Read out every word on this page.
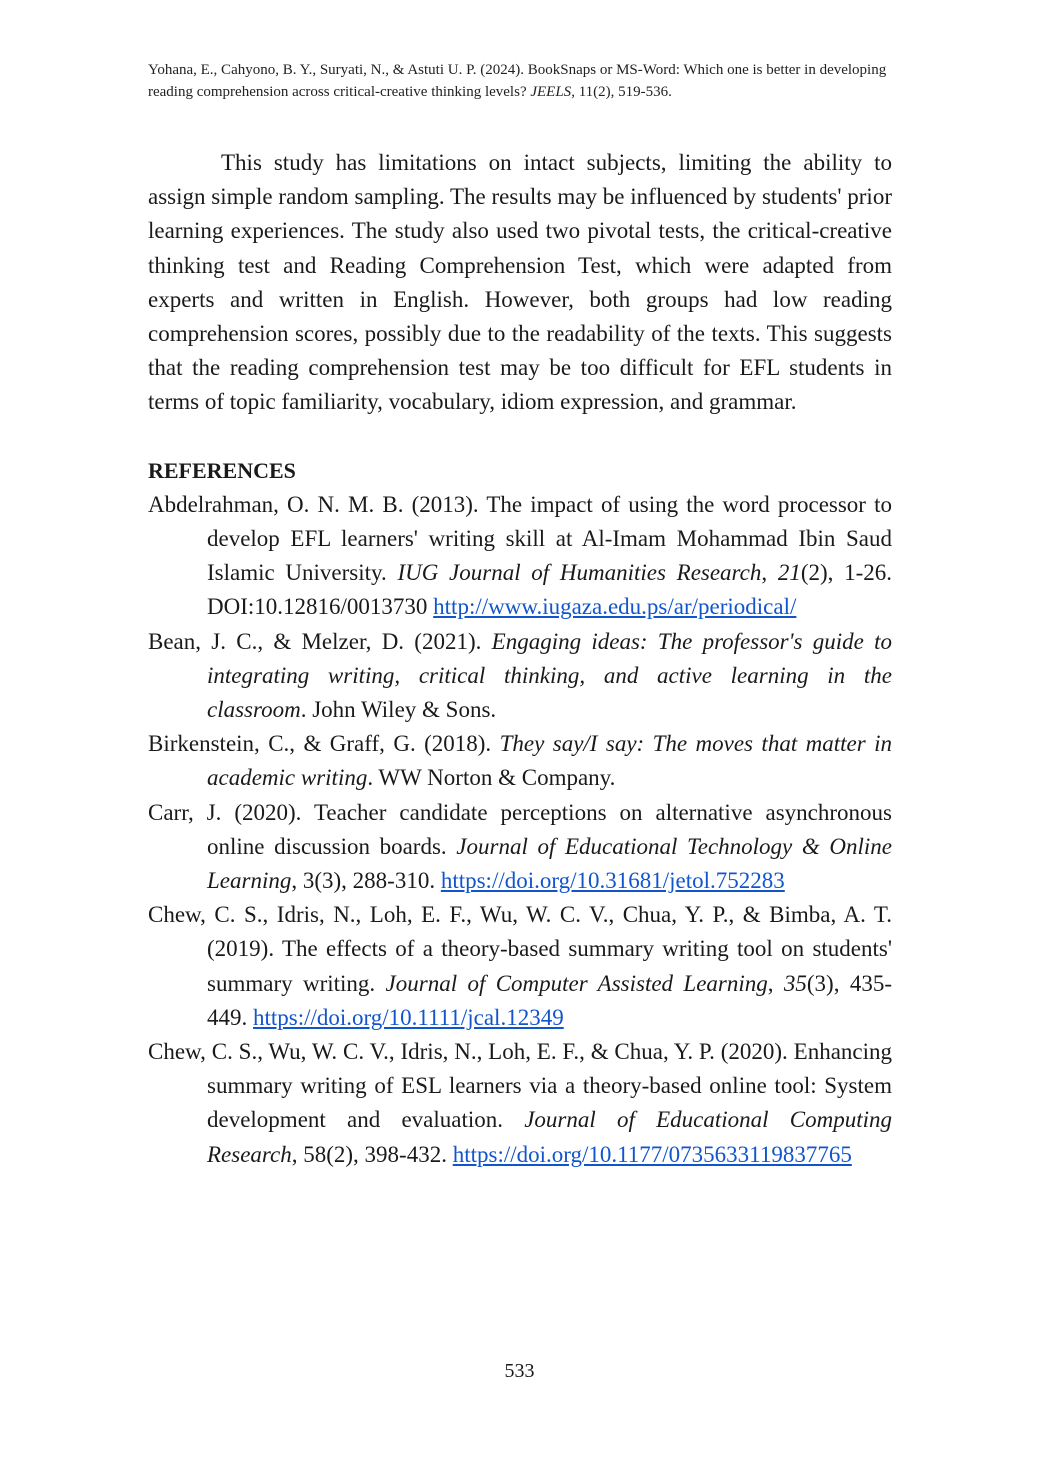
Yohana, E., Cahyono, B. Y., Suryati, N., & Astuti U. P. (2024). BookSnaps or MS-Word: Which one is better in developing reading comprehension across critical-creative thinking levels? JEELS, 11(2), 519-536.

This study has limitations on intact subjects, limiting the ability to assign simple random sampling. The results may be influenced by students' prior learning experiences. The study also used two pivotal tests, the critical-creative thinking test and Reading Comprehension Test, which were adapted from experts and written in English. However, both groups had low reading comprehension scores, possibly due to the readability of the texts. This suggests that the reading comprehension test may be too difficult for EFL students in terms of topic familiarity, vocabulary, idiom expression, and grammar.

REFERENCES

Abdelrahman, O. N. M. B. (2013). The impact of using the word processor to develop EFL learners' writing skill at Al-Imam Mohammad Ibin Saud Islamic University. IUG Journal of Humanities Research, 21(2), 1-26. DOI:10.12816/0013730 http://www.iugaza.edu.ps/ar/periodical/

Bean, J. C., & Melzer, D. (2021). Engaging ideas: The professor's guide to integrating writing, critical thinking, and active learning in the classroom. John Wiley & Sons.

Birkenstein, C., & Graff, G. (2018). They say/I say: The moves that matter in academic writing. WW Norton & Company.

Carr, J. (2020). Teacher candidate perceptions on alternative asynchronous online discussion boards. Journal of Educational Technology & Online Learning, 3(3), 288-310. https://doi.org/10.31681/jetol.752283

Chew, C. S., Idris, N., Loh, E. F., Wu, W. C. V., Chua, Y. P., & Bimba, A. T. (2019). The effects of a theory-based summary writing tool on students' summary writing. Journal of Computer Assisted Learning, 35(3), 435-449. https://doi.org/10.1111/jcal.12349

Chew, C. S., Wu, W. C. V., Idris, N., Loh, E. F., & Chua, Y. P. (2020). Enhancing summary writing of ESL learners via a theory-based online tool: System development and evaluation. Journal of Educational Computing Research, 58(2), 398-432. https://doi.org/10.1177/0735633119837765

533
